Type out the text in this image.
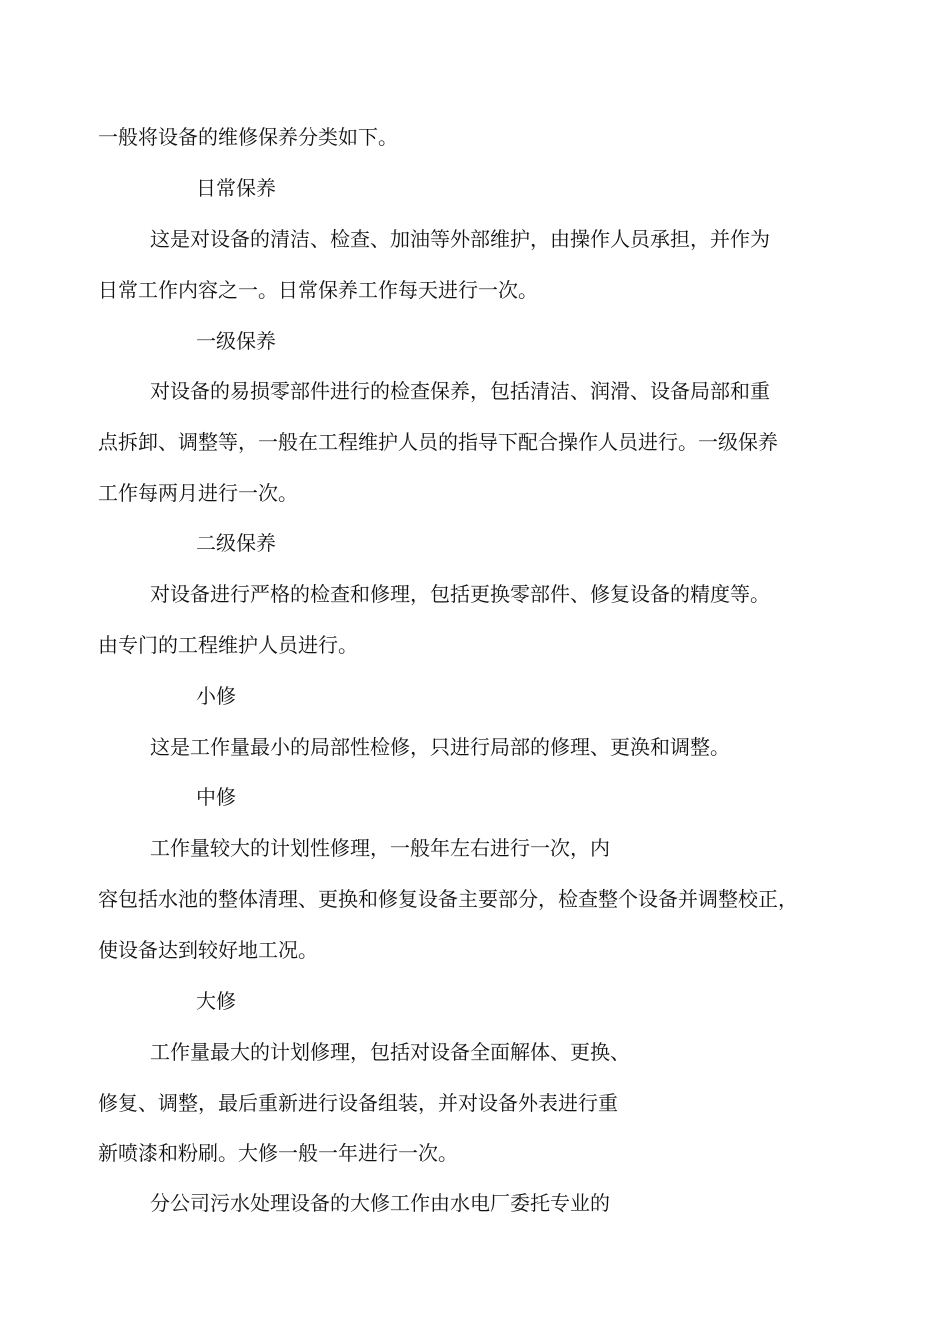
一般将设备的维修保养分类如下。
日常保养
这是对设备的清洁、检查、加油等外部维护，由操作人员承担，并作为
日常工作内容之一。日常保养工作每天进行一次。
一级保养
对设备的易损零部件进行的检查保养，包括清洁、润滑、设备局部和重
点拆卸、调整等，一般在工程维护人员的指导下配合操作人员进行。一级保养
工作每两月进行一次。
二级保养
对设备进行严格的检查和修理，包括更换零部件、修复设备的精度等。
由专门的工程维护人员进行。
小修
这是工作量最小的局部性检修，只进行局部的修理、更涣和调整。
中修
工作量较大的计划性修理，一般年左右进行一次，内
容包括水池的整体清理、更换和修复设备主要部分，检查整个设备并调整校正，
使设备达到较好地工况。
大修
工作量最大的计划修理，包括对设备全面解体、更换、
修复、调整，最后重新进行设备组装，并对设备外表进行重
新喷漆和粉刷。大修一般一年进行一次。
分公司污水处理设备的大修工作由水电厂委托专业的
